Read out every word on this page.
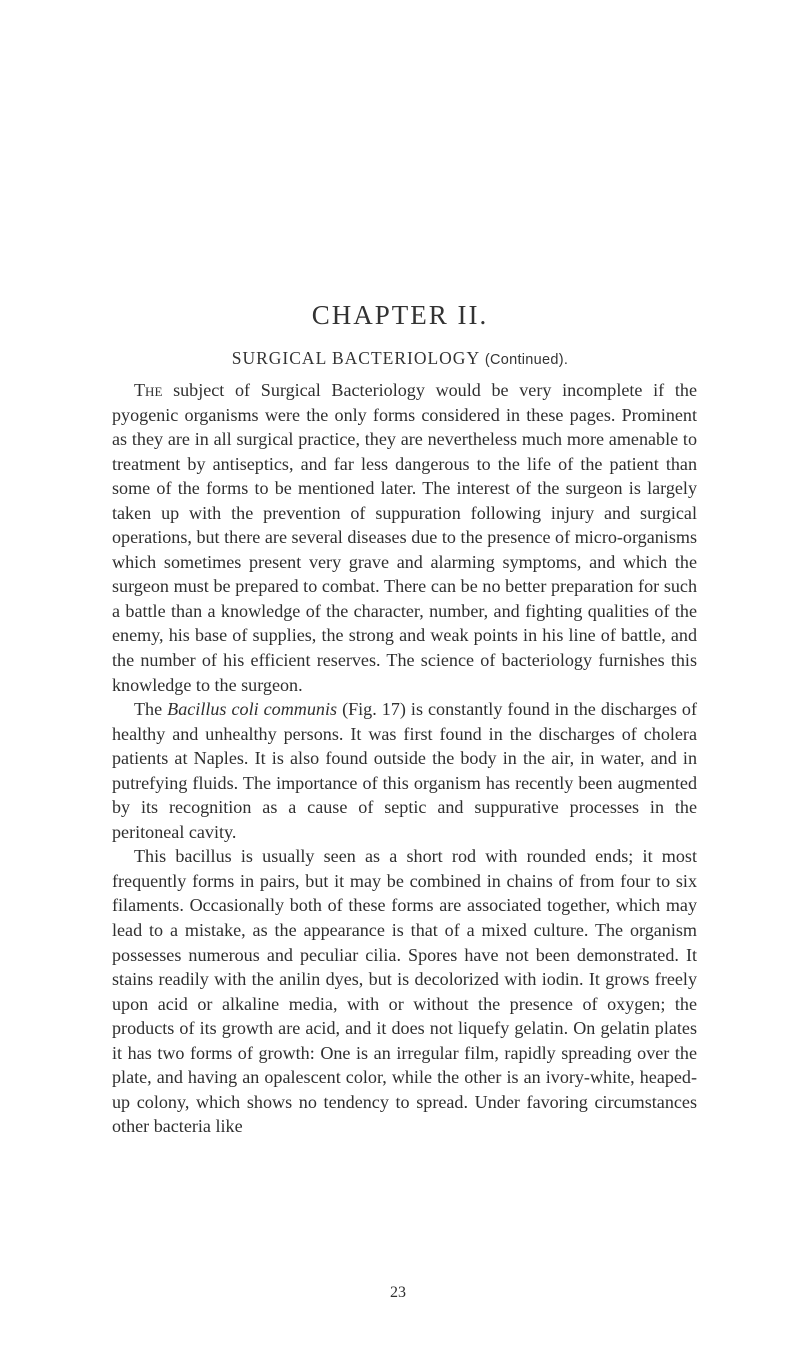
CHAPTER II.
SURGICAL BACTERIOLOGY (Continued).

The subject of Surgical Bacteriology would be very incomplete if the pyogenic organisms were the only forms considered in these pages. Prominent as they are in all surgical practice, they are nevertheless much more amenable to treatment by antiseptics, and far less dangerous to the life of the patient than some of the forms to be mentioned later. The interest of the surgeon is largely taken up with the prevention of suppuration following injury and surgical operations, but there are several diseases due to the presence of micro-organisms which sometimes present very grave and alarming symptoms, and which the surgeon must be prepared to combat. There can be no better preparation for such a battle than a knowledge of the character, number, and fighting qualities of the enemy, his base of supplies, the strong and weak points in his line of battle, and the number of his efficient reserves. The science of bacteriology furnishes this knowledge to the surgeon.

The Bacillus coli communis (Fig. 17) is constantly found in the discharges of healthy and unhealthy persons. It was first found in the discharges of cholera patients at Naples. It is also found outside the body in the air, in water, and in putrefying fluids. The importance of this organism has recently been augmented by its recognition as a cause of septic and suppurative processes in the peritoneal cavity.

This bacillus is usually seen as a short rod with rounded ends; it most frequently forms in pairs, but it may be combined in chains of from four to six filaments. Occasionally both of these forms are associated together, which may lead to a mistake, as the appearance is that of a mixed culture. The organism possesses numerous and peculiar cilia. Spores have not been demonstrated. It stains readily with the anilin dyes, but is decolorized with iodin. It grows freely upon acid or alkaline media, with or without the presence of oxygen; the products of its growth are acid, and it does not liquefy gelatin. On gelatin plates it has two forms of growth: One is an irregular film, rapidly spreading over the plate, and having an opalescent color, while the other is an ivory-white, heaped-up colony, which shows no tendency to spread. Under favoring circumstances other bacteria like

23
